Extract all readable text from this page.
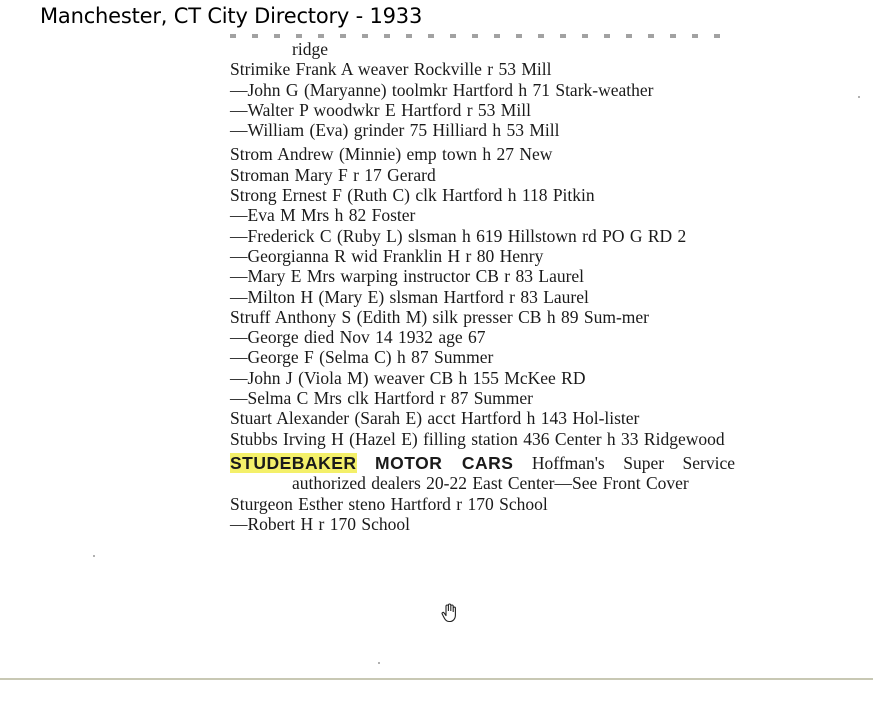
Manchester, CT City Directory - 1933
ridge
Strimike Frank A weaver Rockville r 53 Mill
—John G (Maryanne) toolmkr Hartford h 71 Stark-weather
—Walter P woodwkr E Hartford r 53 Mill
—William (Eva) grinder 75 Hilliard h 53 Mill
Strom Andrew (Minnie) emp town h 27 New
Stroman Mary F r 17 Gerard
Strong Ernest F (Ruth C) clk Hartford h 118 Pitkin
—Eva M Mrs h 82 Foster
—Frederick C (Ruby L) slsman h 619 Hillstown rd PO G RD 2
—Georgianna R wid Franklin H r 80 Henry
—Mary E Mrs warping instructor CB r 83 Laurel
—Milton H (Mary E) slsman Hartford r 83 Laurel
Struff Anthony S (Edith M) silk presser CB h 89 Sum-mer
—George died Nov 14 1932 age 67
—George F (Selma C) h 87 Summer
—John J (Viola M) weaver CB h 155 McKee RD
—Selma C Mrs clk Hartford r 87 Summer
Stuart Alexander (Sarah E) acct Hartford h 143 Hol-lister
Stubbs Irving H (Hazel E) filling station 436 Center h 33 Ridgewood
STUDEBAKER MOTOR CARS Hoffman's Super Service authorized dealers 20-22 East Center—See Front Cover
Sturgeon Esther steno Hartford r 170 School
—Robert H r 170 School
